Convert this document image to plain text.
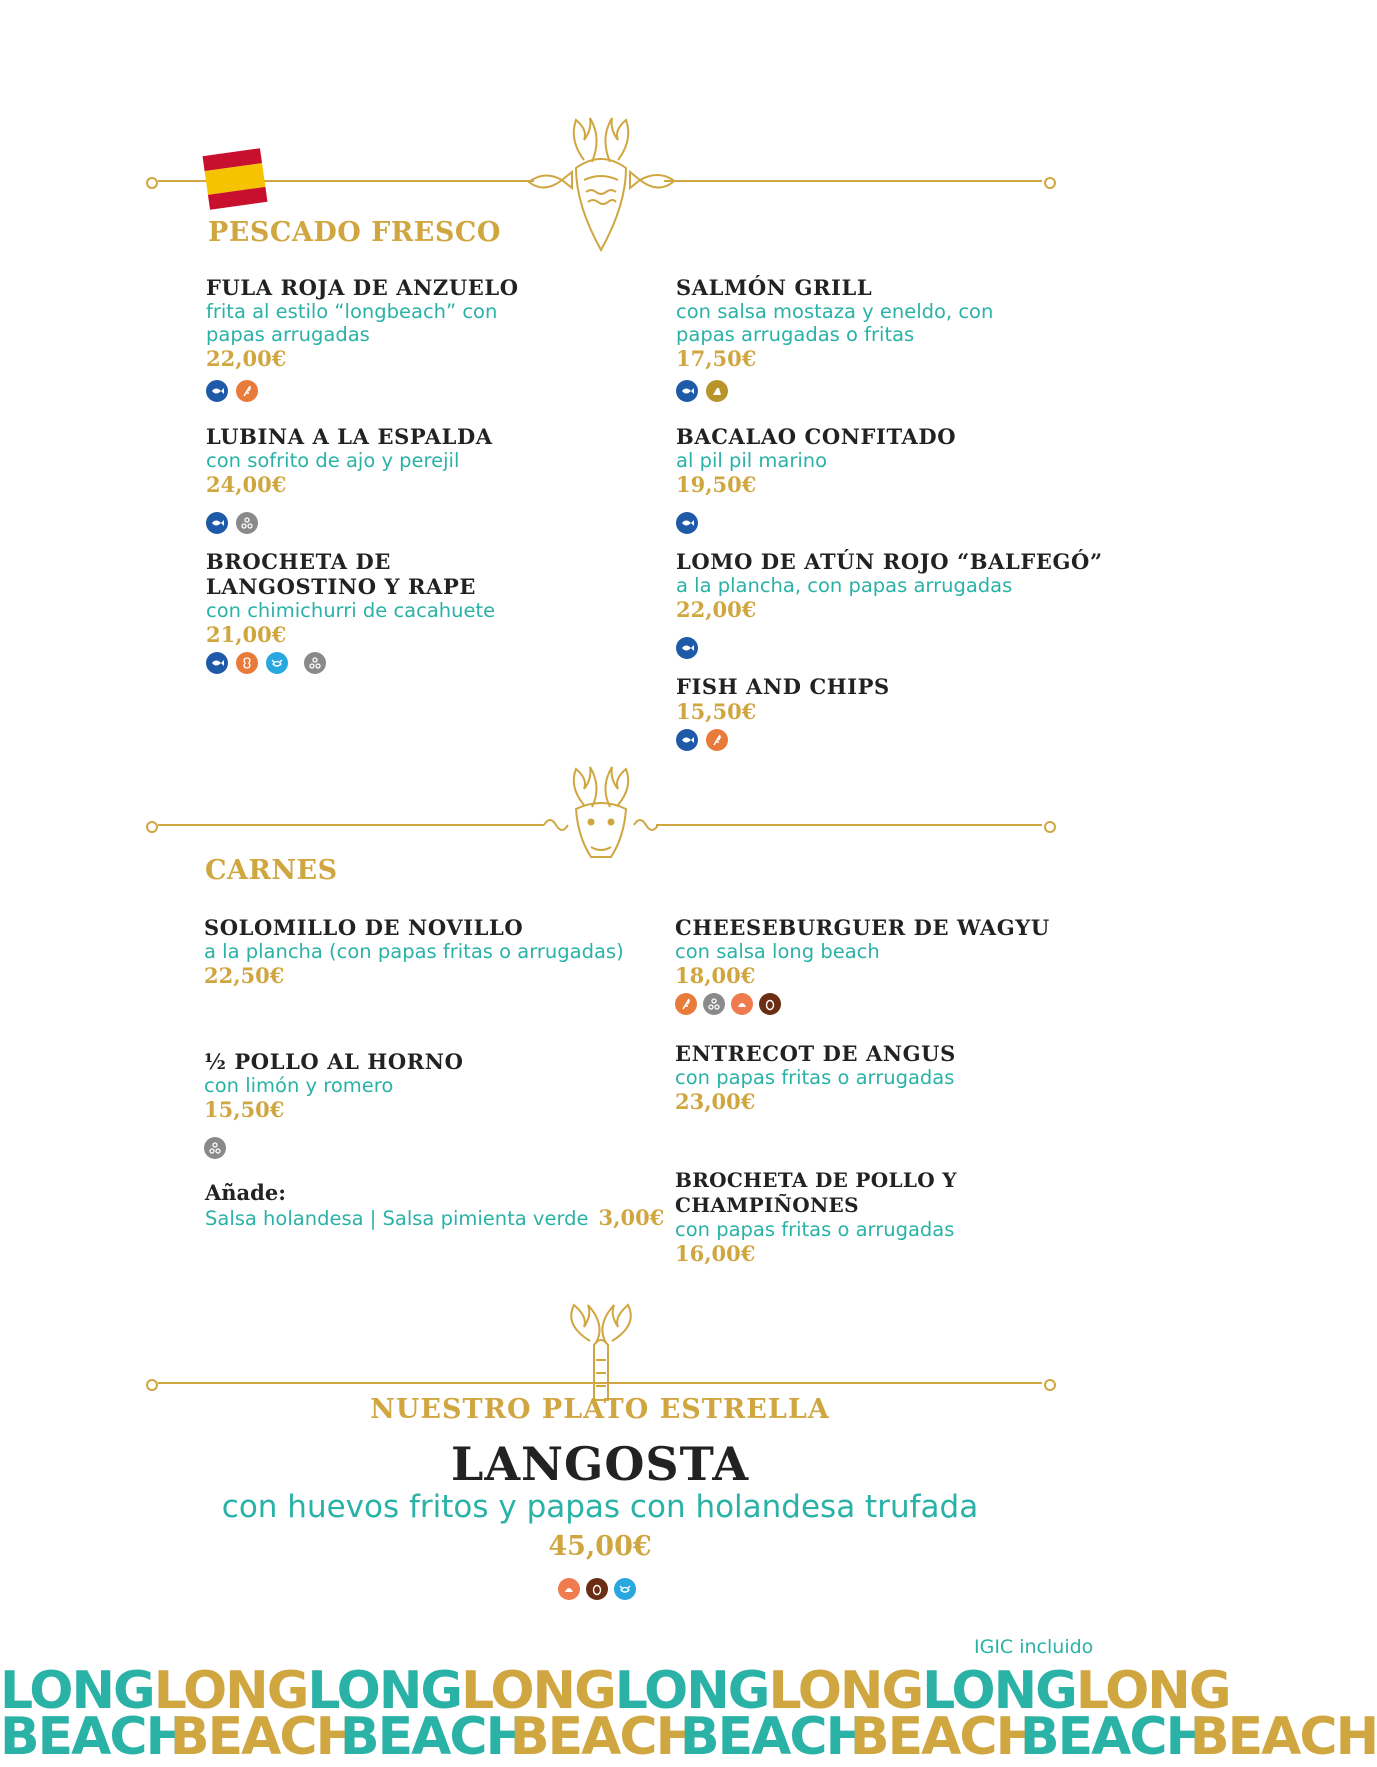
PESCADO FRESCO
FULA ROJA DE ANZUELO
frita al estilo “longbeach” con papas arrugadas
22,00€
SALMÓN GRILL
con salsa mostaza y eneldo, con papas arrugadas o fritas
17,50€
LUBINA A LA ESPALDA
con sofrito de ajo y perejil
24,00€
BACALAO CONFITADO
al pil pil marino
19,50€
BROCHETA DE LANGOSTINO Y RAPE
con chimichurri de cacahuete
21,00€
LOMO DE ATÚN ROJO “BALFEGÓ”
a la plancha, con papas arrugadas
22,00€
FISH AND CHIPS
15,50€
CARNES
SOLOMILLO DE NOVILLO
a la plancha (con papas fritas o arrugadas)
22,50€
CHEESEBURGUER DE WAGYU
con salsa long beach
18,00€
½ POLLO AL HORNO
con limón y romero
15,50€
ENTRECOT DE ANGUS
con papas fritas o arrugadas
23,00€
Añade:
Salsa holandesa | Salsa pimienta verde 3,00€
BROCHETA DE POLLO Y CHAMPIÑONES
con papas fritas o arrugadas
16,00€
NUESTRO PLATO ESTRELLA
LANGOSTA
con huevos fritos y papas con holandesa trufada
45,00€
IGIC incluido
LONG LONG LONG LONG LONG LONG LONG LONG
BEACH
BEACH
BEACH
BEACH
BEACH
BEACH
BEACH
BEACH
